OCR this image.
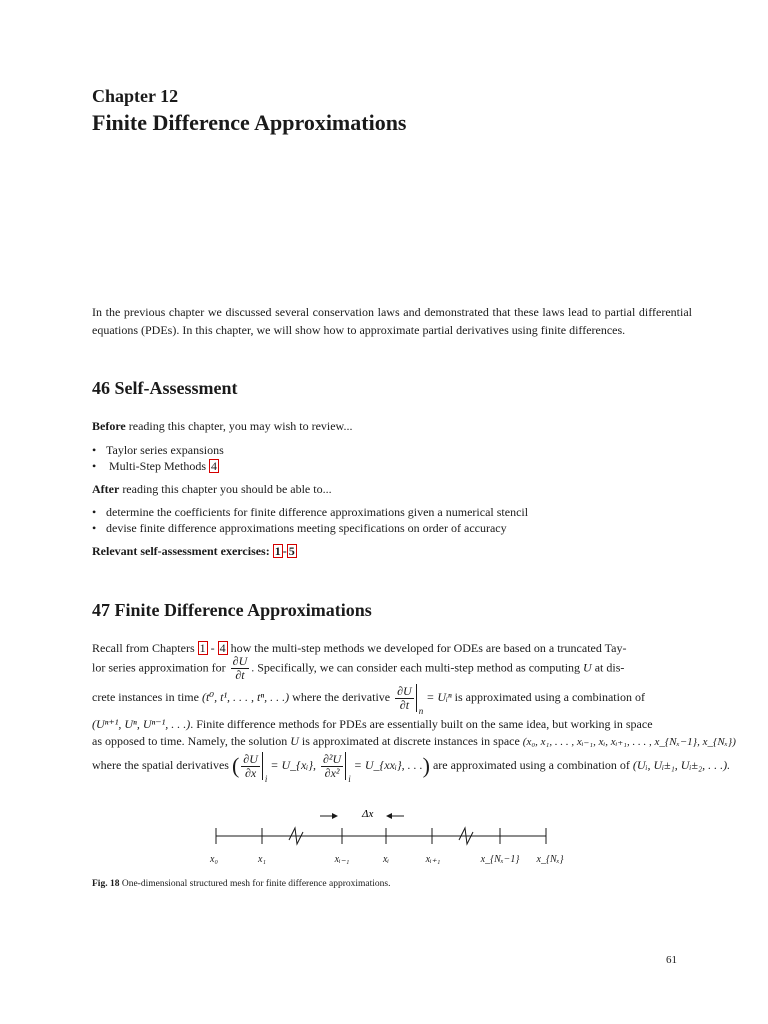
Chapter 12
Finite Difference Approximations
In the previous chapter we discussed several conservation laws and demonstrated that these laws lead to partial differential equations (PDEs). In this chapter, we will show how to approximate partial derivatives using finite differences.
46 Self-Assessment
Before reading this chapter, you may wish to review...
• Taylor series expansions
• Multi-Step Methods 4
After reading this chapter you should be able to...
• determine the coefficients for finite difference approximations given a numerical stencil
• devise finite difference approximations meeting specifications on order of accuracy
Relevant self-assessment exercises: 1 - 5
47 Finite Difference Approximations
Recall from Chapters 1 - 4 how the multi-step methods we developed for ODEs are based on a truncated Tay-
lor series approximation for $\frac{\partial U}{\partial t}$ . Specifically, we can consider each multi-step method as computing U at dis-
crete instances in time (t⁰, t¹, . . . , tⁿ, . . .) where the derivative $\frac{\partial U}{\partial t} _n$ = Uᵢⁿ is approximated using a combination of
(Uⁿ⁺¹, Uⁿ, Uⁿ⁻¹, . . .). Finite difference methods for PDEs are essentially built on the same idea, but working in space
as opposed to time. Namely, the solution U is approximated at discrete instances in space (x₀, x₁, . . . , xᵢ₋₁, xᵢ, xᵢ₊₁, . . . , x_{Nₓ−1}, x_{Nₓ})
where the spatial derivatives ( $\frac{\partial U}{\partial x} _i$ = U_{xᵢ}, $\frac{\text{∂²U}}{\text{∂x²}} _i$ = U_{xxᵢ}, . . .) are approximated using a combination of (Uᵢ, Uᵢ±₁, Uᵢ±₂, . . .).
Δx
x₀	x₁	xᵢ₋₁	xᵢ	xᵢ₊₁	x_{Nₓ−1} x_{Nₓ}
Fig. 18 One-dimensional structured mesh for finite difference approximations.
61
